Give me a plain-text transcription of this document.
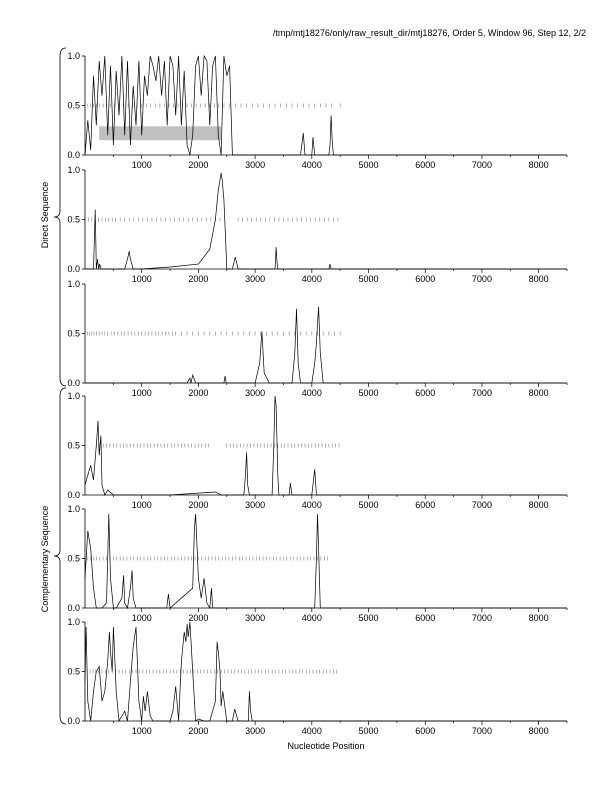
/tmp/mtj18276/only/raw_result_dir/mtj18276, Order 5, Window 96, Step 12, 2/2
0.0
0.5
1.0
1000	2000	3000	4000	5000	6000	7000	8000
0.0
0.5
1.0
1000	2000	3000	4000	5000	6000	7000	8000
0.0
0.5
1.0
1000	2000	3000	4000	5000	6000	7000	8000
0.0
0.5
1.0
1000	2000	3000	4000	5000	6000	7000	8000
0.0
0.5
1.0
1000	2000	3000	4000	5000	6000	7000	8000
0.0
0.5
1.0
1000	2000	3000	4000	5000	6000	7000	8000
Nucleotide Position
Direct Sequence
Complementary Sequence
